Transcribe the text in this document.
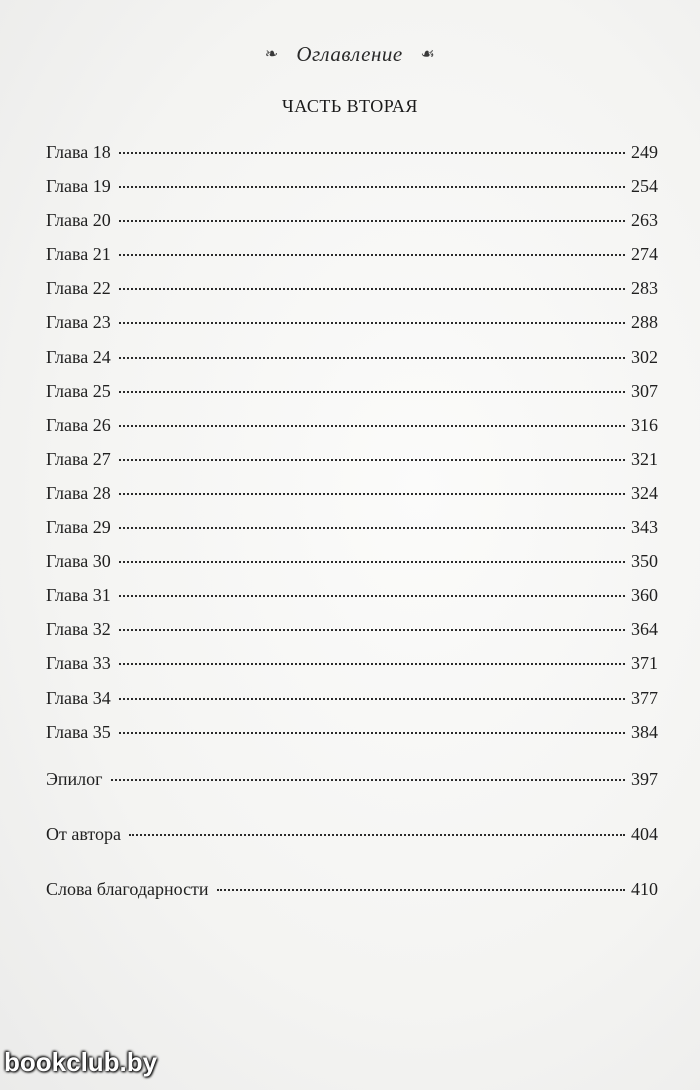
❧ Оглавление ☙
ЧАСТЬ ВТОРАЯ
Глава 18	249
Глава 19	254
Глава 20	263
Глава 21	274
Глава 22	283
Глава 23	288
Глава 24	302
Глава 25	307
Глава 26	316
Глава 27	321
Глава 28	324
Глава 29	343
Глава 30	350
Глава 31	360
Глава 32	364
Глава 33	371
Глава 34	377
Глава 35	384
Эпилог	397
От автора	404
Слова благодарности	410
bookclub.by
